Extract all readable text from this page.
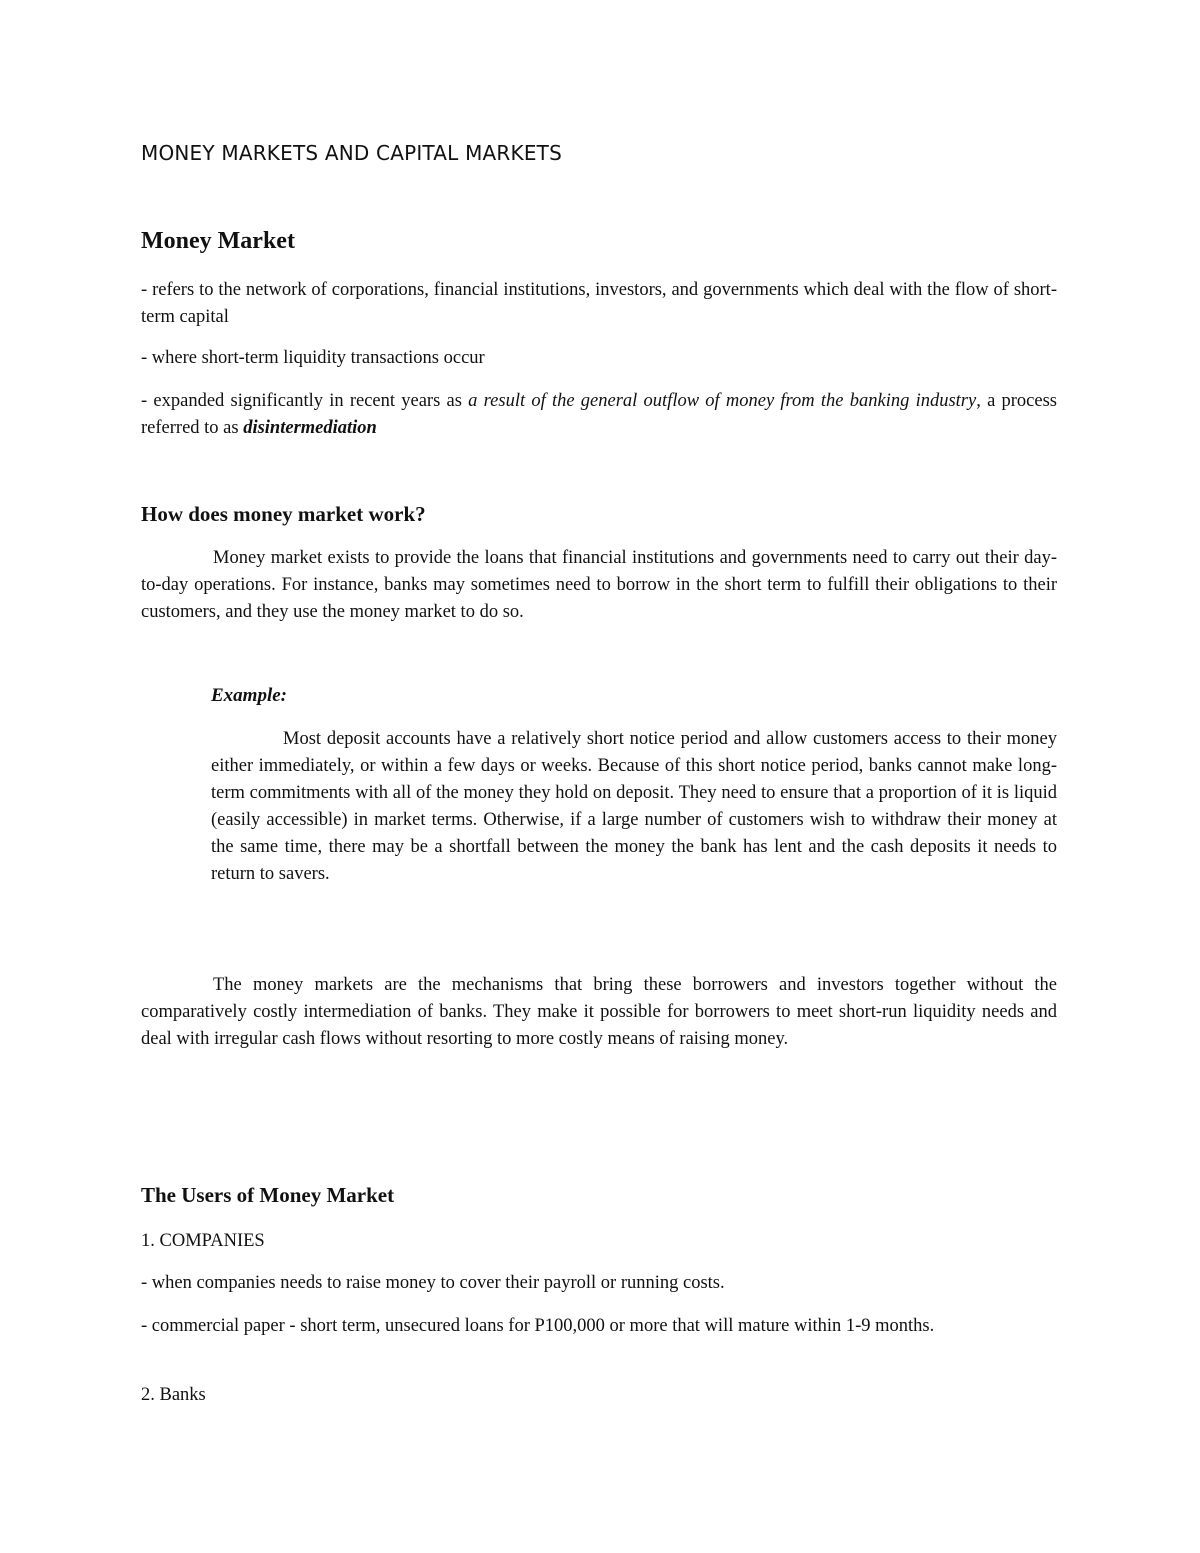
MONEY MARKETS AND CAPITAL MARKETS
Money Market
- refers to the network of corporations, financial institutions, investors, and governments which deal with the flow of short-term capital
- where short-term liquidity transactions occur
- expanded significantly in recent years as a result of the general outflow of money from the banking industry, a process referred to as disintermediation
How does money market work?
Money market exists to provide the loans that financial institutions and governments need to carry out their day-to-day operations. For instance, banks may sometimes need to borrow in the short term to fulfill their obligations to their customers, and they use the money market to do so.
Example:
Most deposit accounts have a relatively short notice period and allow customers access to their money either immediately, or within a few days or weeks. Because of this short notice period, banks cannot make long-term commitments with all of the money they hold on deposit. They need to ensure that a proportion of it is liquid (easily accessible) in market terms. Otherwise, if a large number of customers wish to withdraw their money at the same time, there may be a shortfall between the money the bank has lent and the cash deposits it needs to return to savers.
The money markets are the mechanisms that bring these borrowers and investors together without the comparatively costly intermediation of banks. They make it possible for borrowers to meet short-run liquidity needs and deal with irregular cash flows without resorting to more costly means of raising money.
The Users of Money Market
1. COMPANIES
- when companies needs to raise money to cover their payroll or running costs.
- commercial paper - short term, unsecured loans for P100,000 or more that will mature within 1-9 months.
2. Banks
